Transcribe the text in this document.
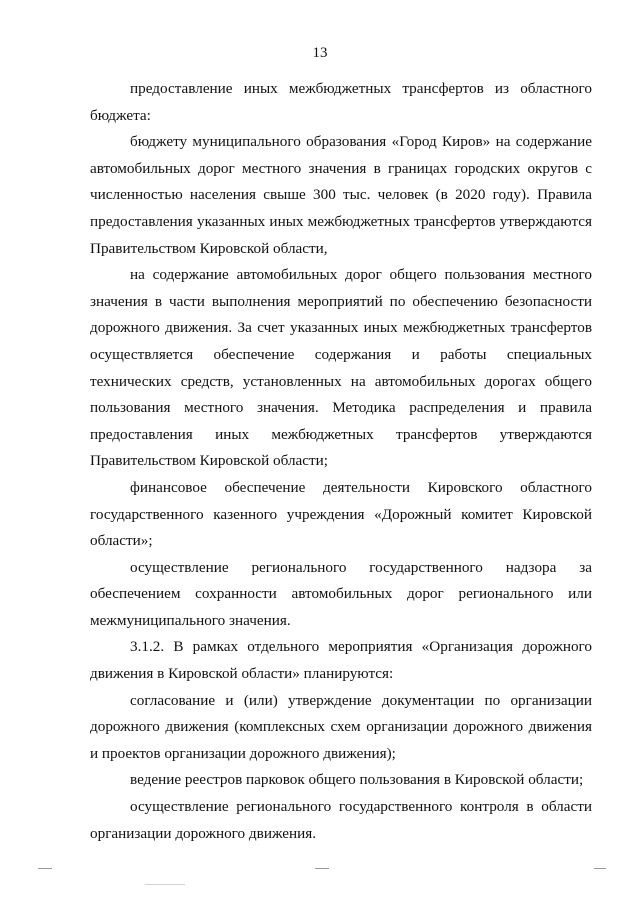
13

предоставление иных межбюджетных трансфертов из областного бюджета:

бюджету муниципального образования «Город Киров» на содержание автомобильных дорог местного значения в границах городских округов с численностью населения свыше 300 тыс. человек (в 2020 году). Правила предоставления указанных иных межбюджетных трансфертов утверждаются Правительством Кировской области,

на содержание автомобильных дорог общего пользования местного значения в части выполнения мероприятий по обеспечению безопасности дорожного движения. За счет указанных иных межбюджетных трансфертов осуществляется обеспечение содержания и работы специальных технических средств, установленных на автомобильных дорогах общего пользования местного значения. Методика распределения и правила предоставления иных межбюджетных трансфертов утверждаются Правительством Кировской области;

финансовое обеспечение деятельности Кировского областного государственного казенного учреждения «Дорожный комитет Кировской области»;

осуществление регионального государственного надзора за обеспечением сохранности автомобильных дорог регионального или межмуниципального значения.

3.1.2. В рамках отдельного мероприятия «Организация дорожного движения в Кировской области» планируются:

согласование и (или) утверждение документации по организации дорожного движения (комплексных схем организации дорожного движения и проектов организации дорожного движения);

ведение реестров парковок общего пользования в Кировской области;

осуществление регионального государственного контроля в области организации дорожного движения.
